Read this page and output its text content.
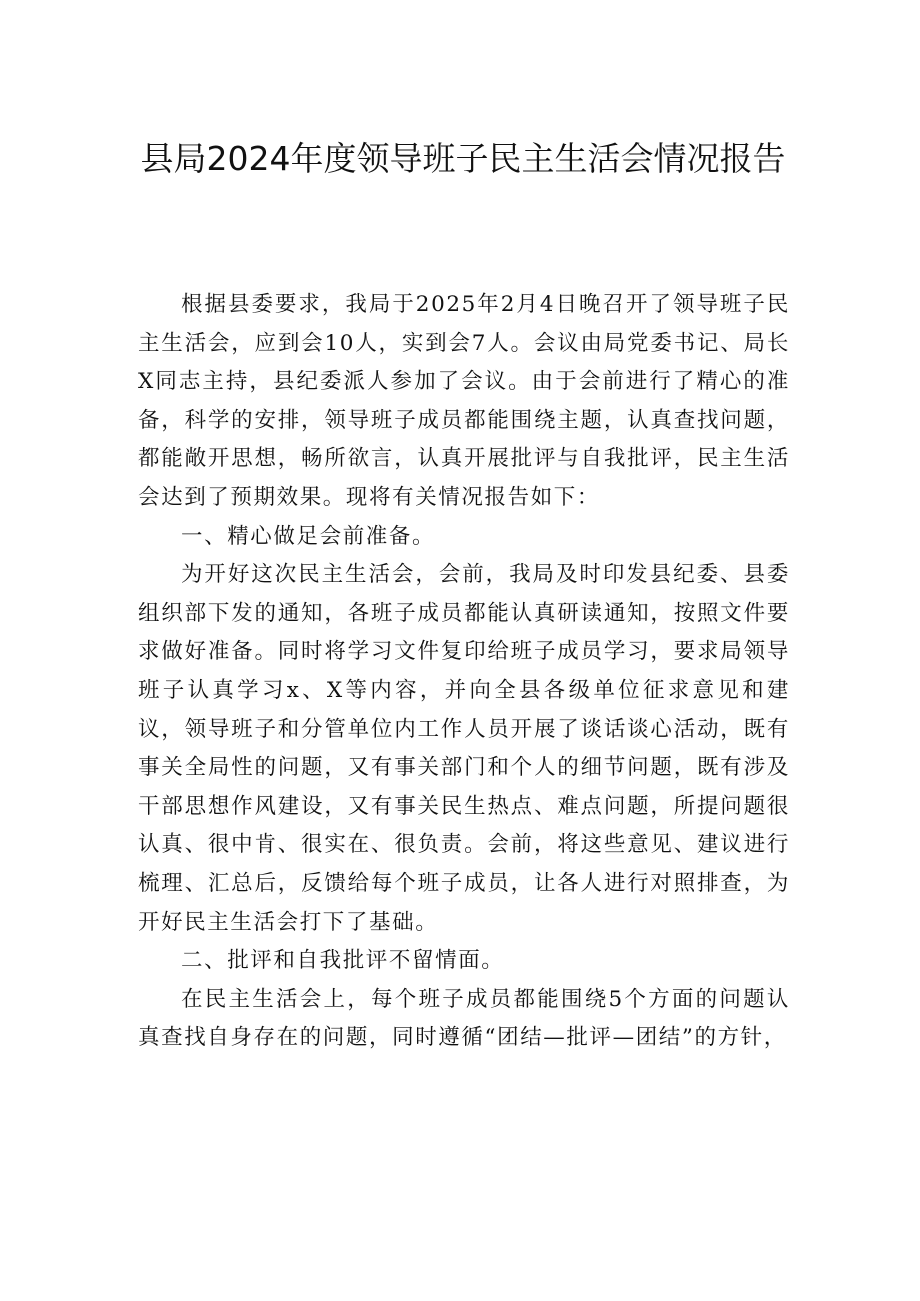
县局2024年度领导班子民主生活会情况报告

根据县委要求，我局于2025年2月4日晚召开了领导班子民主生活会，应到会10人，实到会7人。会议由局党委书记、局长X同志主持，县纪委派人参加了会议。由于会前进行了精心的准备，科学的安排，领导班子成员都能围绕主题，认真查找问题，都能敞开思想，畅所欲言，认真开展批评与自我批评，民主生活会达到了预期效果。现将有关情况报告如下：

一、精心做足会前准备。

为开好这次民主生活会，会前，我局及时印发县纪委、县委组织部下发的通知，各班子成员都能认真研读通知，按照文件要求做好准备。同时将学习文件复印给班子成员学习，要求局领导班子认真学习x、X等内容，并向全县各级单位征求意见和建议，领导班子和分管单位内工作人员开展了谈话谈心活动，既有事关全局性的问题，又有事关部门和个人的细节问题，既有涉及干部思想作风建设，又有事关民生热点、难点问题，所提问题很认真、很中肯、很实在、很负责。会前，将这些意见、建议进行梳理、汇总后，反馈给每个班子成员，让各人进行对照排查，为开好民主生活会打下了基础。

二、批评和自我批评不留情面。

在民主生活会上，每个班子成员都能围绕5个方面的问题认真查找自身存在的问题，同时遵循“团结—批评—团结”的方针，
